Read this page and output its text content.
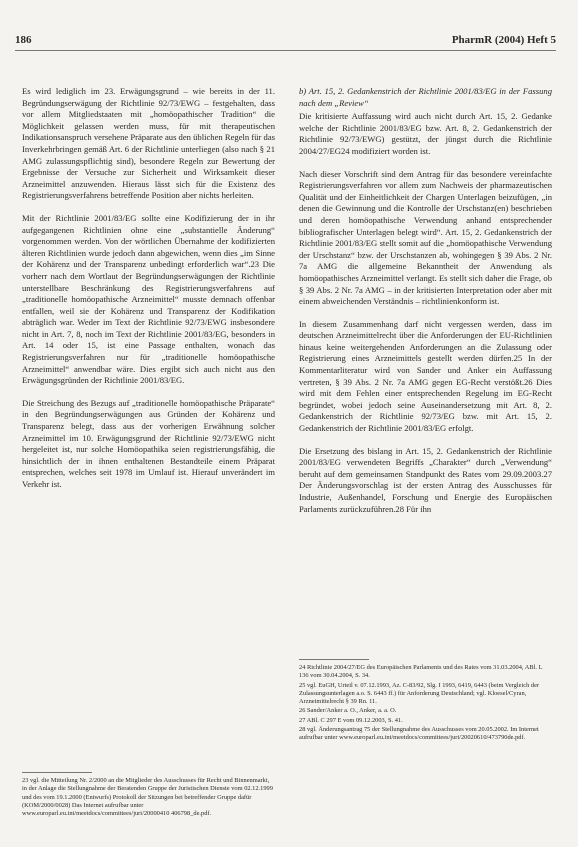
186	PharmR (2004) Heft 5

Es wird lediglich im 23. Erwägungsgrund – wie bereits in der 11. Begründungserwägung der Richtlinie 92/73/EWG – festgehalten, dass vor allem Mitgliedstaaten mit „homöopathischer Tradition“ die Möglichkeit gelassen werden muss, für mit therapeutischen Indikationsanspruch versehene Präparate aus den üblichen Regeln für das Inverkehrbringen gemäß Art. 6 der Richtlinie unterliegen (also nach § 21 AMG zulassungspflichtig sind), besondere Regeln zur Bewertung der Ergebnisse der Versuche zur Sicherheit und Wirksamkeit dieser Arzneimittel anzuwenden. Hieraus lässt sich für die Existenz des Registrierungsverfahrens betreffende Position aber nichts herleiten.

Mit der Richtlinie 2001/83/EG sollte eine Kodifizierung der in ihr aufgegangenen Richtlinien ohne eine „substantielle Änderung“ vorgenommen werden. Von der wörtlichen Übernahme der kodifizierten älteren Richtlinien wurde jedoch dann abgewichen, wenn dies „im Sinne der Kohärenz und der Transparenz unbedingt erforderlich war“.23 Die vorherr nach dem Wortlaut der Begründungserwägungen der Richtlinie unterstellbare Beschränkung des Registrierungsverfahrens auf „traditionelle homöopathische Arzneimittel“ musste demnach offenbar entfallen, weil sie der Kohärenz und Transparenz der Kodifikation abträglich war. Weder im Text der Richtlinie 92/73/EWG insbesondere nicht in Art. 7, 8, noch im Text der Richtlinie 2001/83/EG, besonders in Art. 14 oder 15, ist eine Passage enthalten, wonach das Registrierungsverfahren nur für „traditionelle homöopathische Arzneimittel“ anwendbar wäre. Dies ergibt sich auch nicht aus den Erwägungsgründen der Richtlinie 2001/83/EG.

Die Streichung des Bezugs auf „traditionelle homöopathische Präparate“ in den Begründungserwägungen aus Gründen der Kohärenz und Transparenz belegt, dass aus der vorherigen Erwähnung solcher Arzneimittel im 10. Erwägungsgrund der Richtlinie 92/73/EWG nicht hergeleitet ist, nur solche Homöopathika seien registrierungsfähig, die hinsichtlich der in ihnen enthaltenen Bestandteile einem Präparat entsprechen, welches seit 1978 im Umlauf ist. Hierauf unverändert im Verkehr ist.

23 vgl. die Mitteilung Nr. 2/2000 an die Mitglieder des Ausschusses für Recht und Binnenmarkt, in der Anlage die Stellungnahme der Beratenden Gruppe der Juristischen Dienste vom 02.12.1999 und des vom 19.1.2000 (Entwurfs) Protokoll der Sitzungen bei betreffender Gruppe dafür (KOM/2000/0028) Das Internet aufrufbar unter www.europarl.eu.int/meetdocs/committees/juri/20000410 406798_de.pdf.

b) Art. 15, 2. Gedankenstrich der Richtlinie 2001/83/EG in der Fassung nach dem „Review“

Die kritisierte Auffassung wird auch nicht durch Art. 15, 2. Gedanke welche der Richtlinie 2001/83/EG bzw. Art. 8, 2. Gedankenstrich der Richtlinie 92/73/EWG) gestützt, der jüngst durch die Richtlinie 2004/27/EG24 modifiziert worden ist.

Nach dieser Vorschrift sind dem Antrag für das besondere vereinfachte Registrierungsverfahren vor allem zum Nachweis der pharmazeutischen Qualität und der Einheitlichkeit der Chargen Unterlagen beizufügen, „in denen die Gewinnung und die Kontrolle der Urschstanz(en) beschrieben und deren homöopathische Verwendung anhand entsprechender bibliografischer Unterlagen belegt wird“. Art. 15, 2. Gedankenstrich der Richtlinie 2001/83/EG stellt somit auf die „homöopathische Verwendung der Urschstanz“ bzw. der Urschstanzen ab, wohingegen § 39 Abs. 2 Nr. 7a AMG die allgemeine Bekanntheit der Anwendung als homöopathisches Arzneimittel verlangt. Es stellt sich daher die Frage, ob § 39 Abs. 2 Nr. 7a AMG – in der kritisierten Interpretation oder aber mit einem abweichenden Verständnis – richtlinienkonform ist.

In diesem Zusammenhang darf nicht vergessen werden, dass im deutschen Arzneimittelrecht über die Anforderungen der EU-Richtlinien hinaus keine weitergehenden Anforderungen an die Zulassung oder Registrierung eines Arzneimittels gestellt werden dürfen.25 In der Kommentarliteratur wird von Sander und Anker ein Auffassung vertreten, § 39 Abs. 2 Nr. 7a AMG gegen EG-Recht verstößt.26 Dies wird mit dem Fehlen einer entsprechenden Regelung im EG-Recht begründet, wobei jedoch seine Auseinandersetzung mit Art. 8, 2. Gedankenstrich der Richtlinie 92/73/EG bzw. mit Art. 15, 2. Gedankenstrich der Richtlinie 2001/83/EG erfolgt.

Die Ersetzung des bislang in Art. 15, 2. Gedankenstrich der Richtlinie 2001/83/EG verwendeten Begriffs „Charakter“ durch „Verwendung“ beruht auf dem gemeinsamen Standpunkt des Rates vom 29.09.2003.27 Der Änderungsvorschlag ist der ersten Antrag des Ausschusses für Industrie, Außenhandel, Forschung und Energie des Europäischen Parlaments zurückzuführen.28 Für ihn

24 Richtlinie 2004/27/EG des Europäischen Parlaments und des Rates vom 31.03.2004, ABl. L 136 vom 30.04.2004, S. 34.

25 vgl. EuGH, Urteil v. 07.12.1993, Az. C-83/92, Slg. I 1993, 6419, 6443 (beim Vergleich der Zulassungsunterlagen a.o. S. 6443 ff.) für Anforderung Deutschland; vgl. Kloesel/Cyran, Arzneimittelrecht § 39 Rn. 11.

26 Sander/Anker a. O., Anker, a. a. O.

27 ABl. C 297 E vom 09.12.2003, S. 41.

28 vgl. Änderungsantrag 75 der Stellungnahme des Ausschusses vom 20.05.2002. Im Internet aufrufbar unter www.europarl.eu.int/meetdocs/committees/juri/20020610/473790de.pdf.
